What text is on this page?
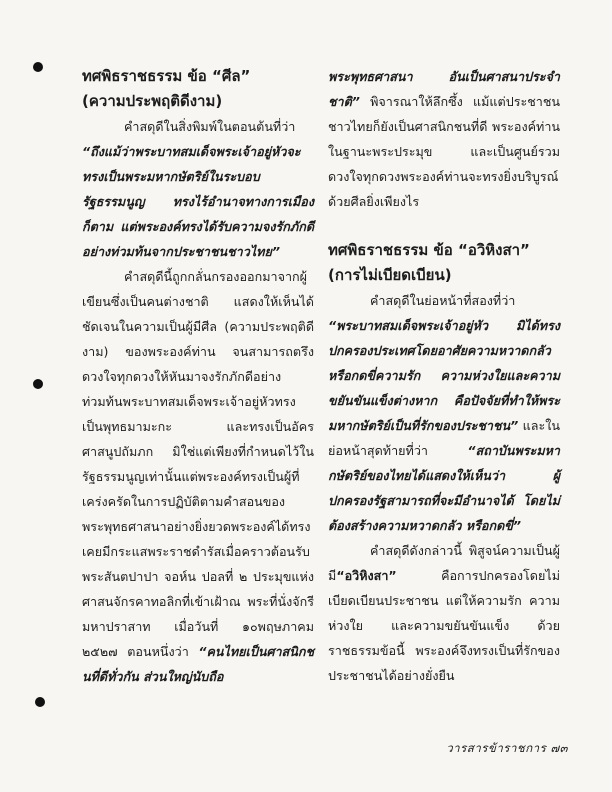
ทศพิธราชธรรม ข้อ “ศีล”
(ความประพฤติดีงาม)

คำสดุดีในสิ่งพิมพ์ในตอนต้นที่ว่า “ถึงแม้ว่าพระบาทสมเด็จพระเจ้าอยู่หัวจะทรงเป็นพระมหากษัตริย์ในระบอบรัฐธรรมนูญ ทรงไร้อำนาจทางการเมืองก็ตาม แต่พระองค์ทรงได้รับความจงรักภักดีอย่างท่วมท้นจากประชาชนชาวไทย”

คำสดุดีนี้ถูกกลั่นกรองออกมาจากผู้เขียนซึ่งเป็นคนต่างชาติ แสดงให้เห็นได้ชัดเจนในความเป็นผู้มีศีล (ความประพฤติดีงาม) ของพระองค์ท่าน จนสามารถตรึงดวงใจทุกดวงให้หันมาจงรักภักดีอย่างท่วมท้นพระบาทสมเด็จพระเจ้าอยู่หัวทรงเป็นพุทธมามะกะ และทรงเป็นอัครศาสนูปถัมภก มิใช่แต่เพียงที่กำหนดไว้ในรัฐธรรมนูญเท่านั้นแต่พระองค์ทรงเป็นผู้ที่เคร่งครัดในการปฏิบัติตามคำสอนของพระพุทธศาสนาอย่างยิ่งยวดพระองค์ได้ทรงเคยมีกระแสพระราชดำรัสเมื่อคราวต้อนรับพระสันตปาปา จอห์น ปอลที่ ๒ ประมุขแห่งศาสนจักรคาทอลิกที่เข้าเฝ้าณ พระที่นั่งจักรีมหาปราสาท เมื่อวันที่ ๑๐พฤษภาคม ๒๕๒๗ ตอนหนึ่งว่า “คนไทยเป็นศาสนิกชนที่ดีทั่วกัน ส่วนใหญ่นับถือ

พระพุทธศาสนา อันเป็นศาสนาประจำชาติ” พิจารณาให้ลึกซึ้ง แม้แต่ประชาชนชาวไทยก็ยังเป็นศาสนิกชนที่ดี พระองค์ท่านในฐานะพระประมุข และเป็นศูนย์รวมดวงใจทุกดวงพระองค์ท่านจะทรงยิ่งบริบูรณ์ด้วยศีลยิ่งเพียงไร

ทศพิธราชธรรม ข้อ “อวิหิงสา”
(การไม่เบียดเบียน)

คำสดุดีในย่อหน้าที่สองที่ว่า “พระบาทสมเด็จพระเจ้าอยู่หัว มิได้ทรงปกครองประเทศโดยอาศัยความหวาดกลัว หรือกดขี่ความรัก ความห่วงใยและความขยันขันแข็งต่างหาก คือปัจจัยที่ทำให้พระมหากษัตริย์เป็นที่รักของประชาชน” และในย่อหน้าสุดท้ายที่ว่า “สถาบันพระมหากษัตริย์ของไทยได้แสดงให้เห็นว่า ผู้ปกครองรัฐสามารถที่จะมีอำนาจได้ โดยไม่ต้องสร้างความหวาดกลัว หรือกดขี่”

คำสดุดีดังกล่าวนี้ พิสูจน์ความเป็นผู้มี“อวิหิงสา” คือการปกครองโดยไม่เบียดเบียนประชาชน แต่ให้ความรัก ความห่วงใย และความขยันขันแข็ง ด้วยราชธรรมข้อนี้ พระองค์จึงทรงเป็นที่รักของประชาชนได้อย่างยั่งยืน

วารสารข้าราชการ ๗๓
